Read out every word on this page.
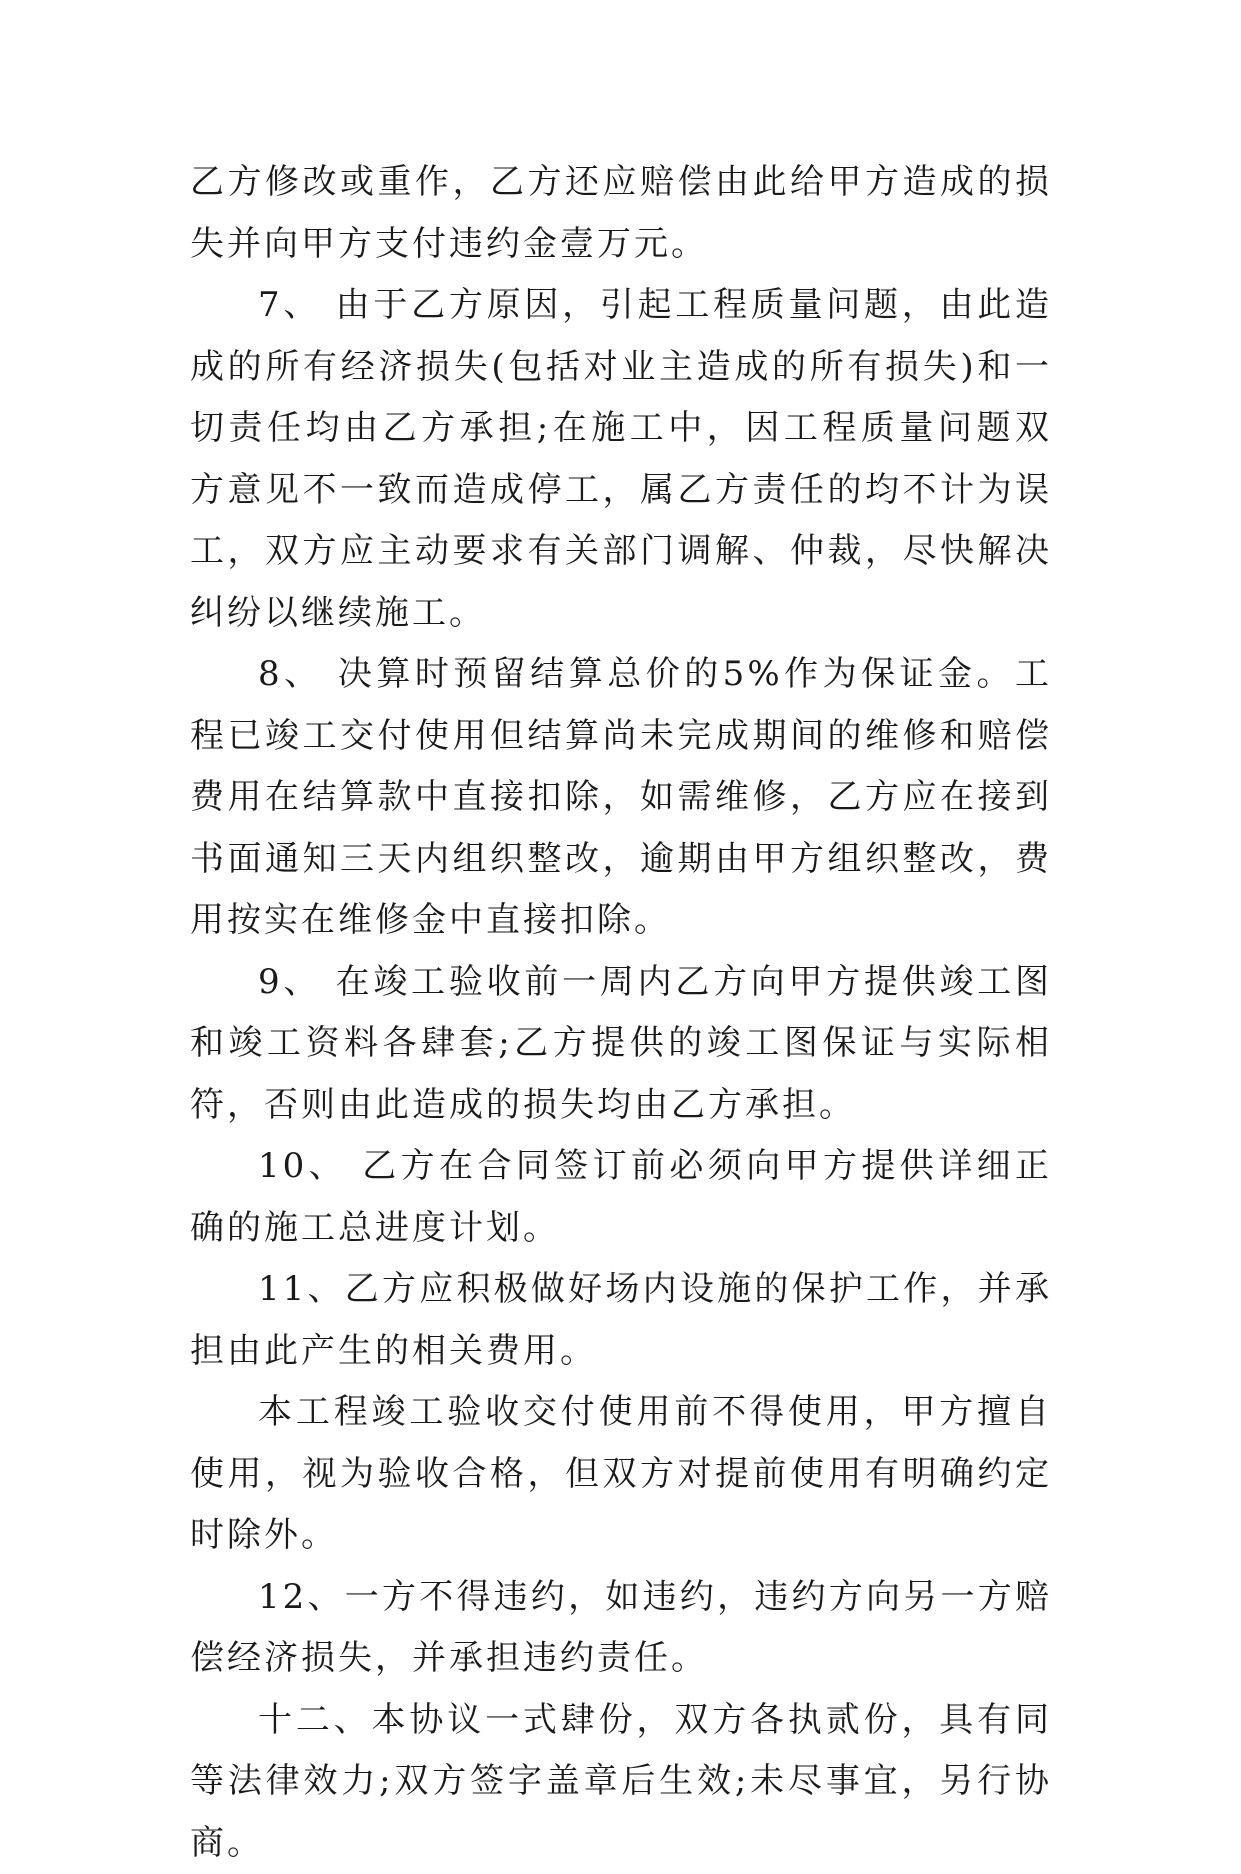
乙方修改或重作，乙方还应赔偿由此给甲方造成的损失并向甲方支付违约金壹万元。

7、 由于乙方原因，引起工程质量问题，由此造成的所有经济损失(包括对业主造成的所有损失)和一切责任均由乙方承担;在施工中，因工程质量问题双方意见不一致而造成停工，属乙方责任的均不计为误工，双方应主动要求有关部门调解、仲裁，尽快解决纠纷以继续施工。

8、 决算时预留结算总价的5%作为保证金。工程已竣工交付使用但结算尚未完成期间的维修和赔偿费用在结算款中直接扣除，如需维修，乙方应在接到书面通知三天内组织整改，逾期由甲方组织整改，费用按实在维修金中直接扣除。

9、 在竣工验收前一周内乙方向甲方提供竣工图和竣工资料各肆套;乙方提供的竣工图保证与实际相符，否则由此造成的损失均由乙方承担。

10、 乙方在合同签订前必须向甲方提供详细正确的施工总进度计划。

11、乙方应积极做好场内设施的保护工作，并承担由此产生的相关费用。

本工程竣工验收交付使用前不得使用，甲方擅自使用，视为验收合格，但双方对提前使用有明确约定时除外。

12、一方不得违约，如违约，违约方向另一方赔偿经济损失，并承担违约责任。

十二、本协议一式肆份，双方各执贰份，具有同等法律效力;双方签字盖章后生效;未尽事宜，另行协商。
